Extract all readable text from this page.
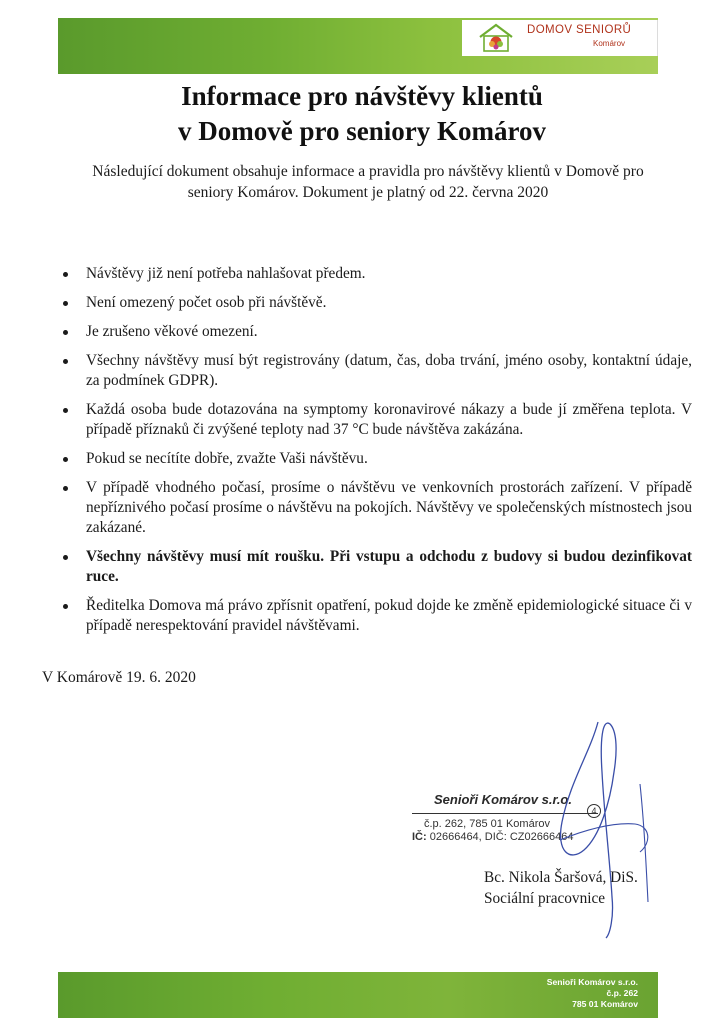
DOMOV SENIORŮ
Komárov
Informace pro návštěvy klientů
v Domově pro seniory Komárov
Následující dokument obsahuje informace a pravidla pro návštěvy klientů v Domově pro
seniory Komárov. Dokument je platný od 22. června 2020
Návštěvy již není potřeba nahlašovat předem.
Není omezený počet osob při návštěvě.
Je zrušeno věkové omezení.
Všechny návštěvy musí být registrovány (datum, čas, doba trvání, jméno osoby, kontaktní údaje, za podmínek GDPR).
Každá osoba bude dotazována na symptomy koronavirové nákazy a bude jí změřena teplota. V případě příznaků či zvýšené teploty nad 37 °C bude návštěva zakázána.
Pokud se necítíte dobře, zvažte Vaši návštěvu.
V případě vhodného počasí, prosíme o návštěvu ve venkovních prostorách zařízení. V případě nepříznivého počasí prosíme o návštěvu na pokojích. Návštěvy ve společenských místnostech jsou zakázané.
Všechny návštěvy musí mít roušku. Při vstupu a odchodu z budovy si budou dezinfikovat ruce.
Ředitelka Domova má právo zpřísnit opatření, pokud dojde ke změně epidemiologické situace či v případě nerespektování pravidel návštěvami.
V Komárově 19. 6. 2020
Senioři Komárov s.r.o.
4
č.p. 262, 785 01 Komárov
IČ: 02666464, DIČ: CZ02666464
Bc. Nikola Šaršová, DiS.
Sociální pracovnice
Senioři Komárov s.r.o.
č.p. 262
785 01 Komárov
